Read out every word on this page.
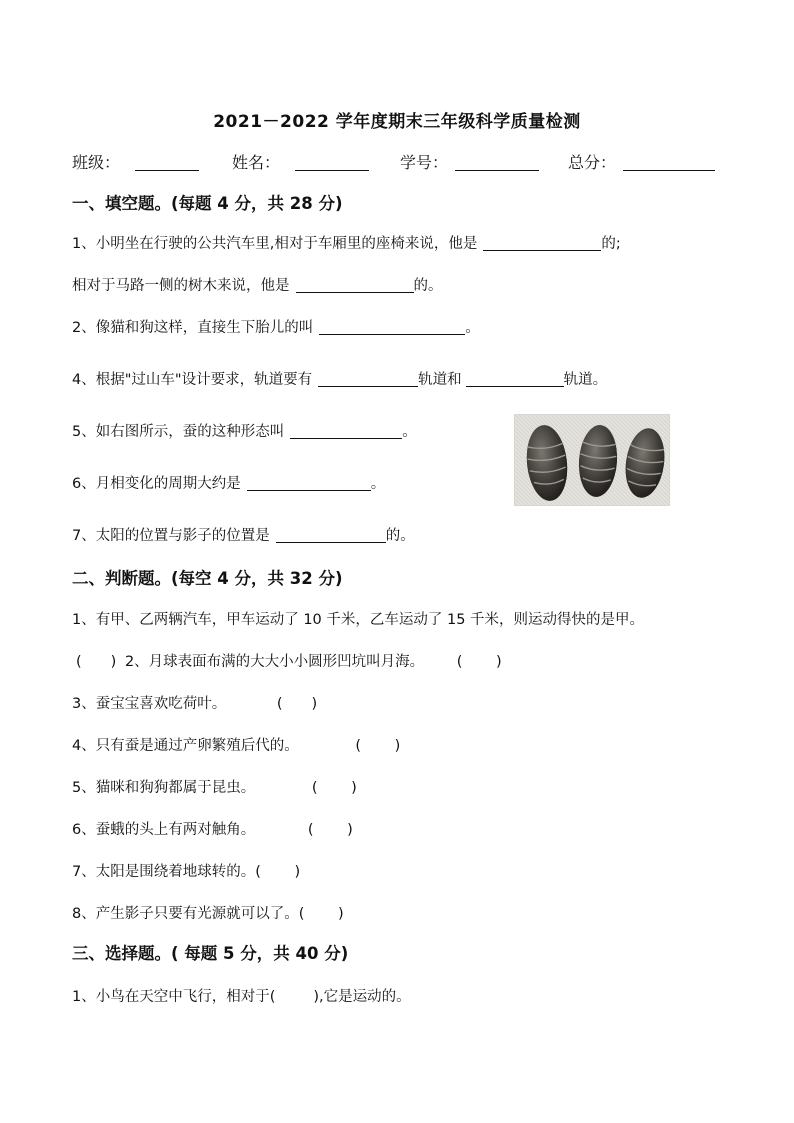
2021－2022 学年度期末三年级科学质量检测
班级：	姓名：	学号：	总分：
一、填空题。(每题 4 分，共 28 分)
1、小明坐在行驶的公共汽车里,相对于车厢里的座椅来说，他是	的;
相对于马路一侧的树木来说，他是	的。
2、像猫和狗这样，直接生下胎儿的叫	。
4、根据"过山车"设计要求，轨道要有	轨道和	轨道。
5、如右图所示，蚕的这种形态叫	。
6、月相变化的周期大约是	。
7、太阳的位置与影子的位置是	的。
二、判断题。(每空 4 分，共 32 分)
1、有甲、乙两辆汽车，甲车运动了 10 千米，乙车运动了 15 千米，则运动得快的是甲。
(　　) 2、月球表面布满的大大小小圆形凹坑叫月海。 (　　 )
3、蚕宝宝喜欢吃荷叶。	(　　)
4、只有蚕是通过产卵繁殖后代的。	(　　 )
5、猫咪和狗狗都属于昆虫。	(　　 )
6、蚕蛾的头上有两对触角。	(　　 )
7、太阳是围绕着地球转的。(　　 )
8、产生影子只要有光源就可以了。(　　 )
三、选择题。( 每题 5 分，共 40 分)
1、小鸟在天空中飞行，相对于(	),它是运动的。
